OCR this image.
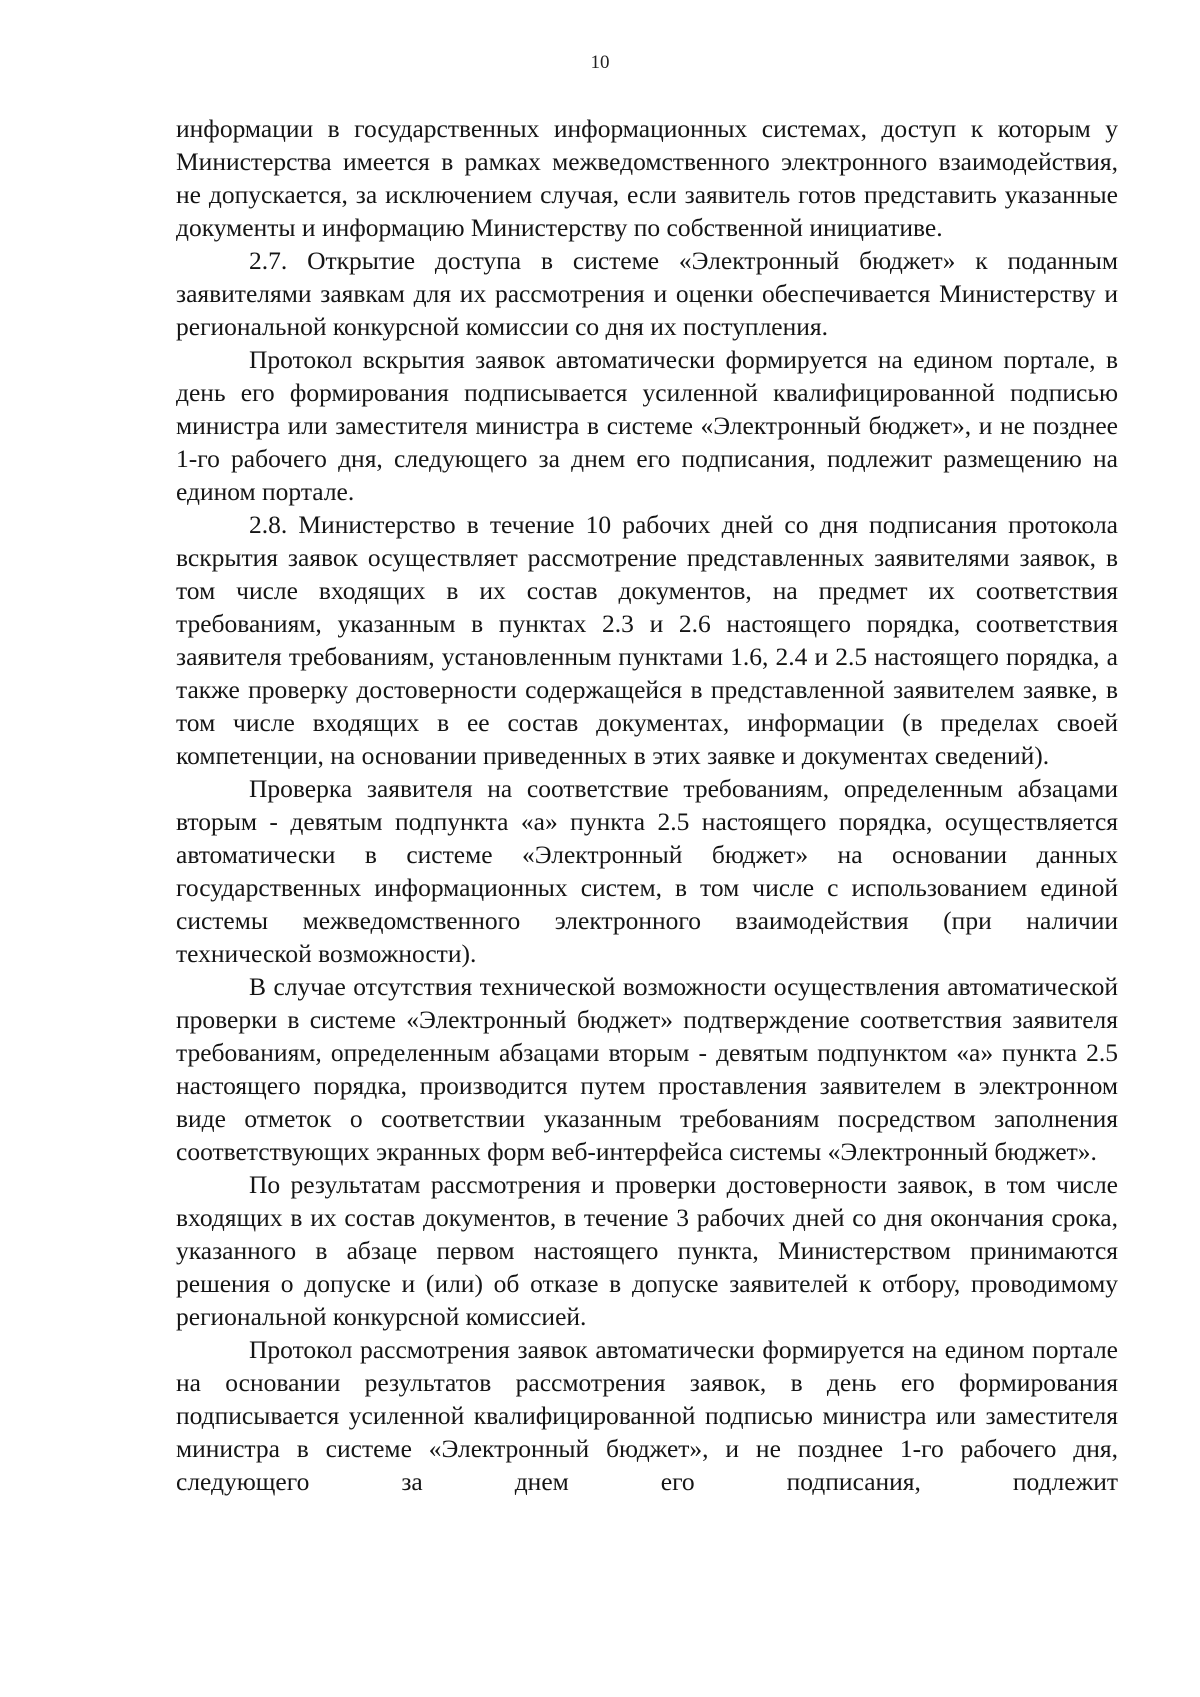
10

информации в государственных информационных системах, доступ к которым у Министерства имеется в рамках межведомственного электронного взаимодействия, не допускается, за исключением случая, если заявитель готов представить указанные документы и информацию Министерству по собственной инициативе.

2.7. Открытие доступа в системе «Электронный бюджет» к поданным заявителями заявкам для их рассмотрения и оценки обеспечивается Министерству и региональной конкурсной комиссии со дня их поступления.

Протокол вскрытия заявок автоматически формируется на едином портале, в день его формирования подписывается усиленной квалифицированной подписью министра или заместителя министра в системе «Электронный бюджет», и не позднее 1-го рабочего дня, следующего за днем его подписания, подлежит размещению на едином портале.

2.8. Министерство в течение 10 рабочих дней со дня подписания протокола вскрытия заявок осуществляет рассмотрение представленных заявителями заявок, в том числе входящих в их состав документов, на предмет их соответствия требованиям, указанным в пунктах 2.3 и 2.6 настоящего порядка, соответствия заявителя требованиям, установленным пунктами 1.6, 2.4 и 2.5 настоящего порядка, а также проверку достоверности содержащейся в представленной заявителем заявке, в том числе входящих в ее состав документах, информации (в пределах своей компетенции, на основании приведенных в этих заявке и документах сведений).

Проверка заявителя на соответствие требованиям, определенным абзацами вторым - девятым подпункта «а» пункта 2.5 настоящего порядка, осуществляется автоматически в системе «Электронный бюджет» на основании данных государственных информационных систем, в том числе с использованием единой системы межведомственного электронного взаимодействия (при наличии технической возможности).

В случае отсутствия технической возможности осуществления автоматической проверки в системе «Электронный бюджет» подтверждение соответствия заявителя требованиям, определенным абзацами вторым - девятым подпунктом «а» пункта 2.5 настоящего порядка, производится путем проставления заявителем в электронном виде отметок о соответствии указанным требованиям посредством заполнения соответствующих экранных форм веб-интерфейса системы «Электронный бюджет».

По результатам рассмотрения и проверки достоверности заявок, в том числе входящих в их состав документов, в течение 3 рабочих дней со дня окончания срока, указанного в абзаце первом настоящего пункта, Министерством принимаются решения о допуске и (или) об отказе в допуске заявителей к отбору, проводимому региональной конкурсной комиссией.

Протокол рассмотрения заявок автоматически формируется на едином портале на основании результатов рассмотрения заявок, в день его формирования подписывается усиленной квалифицированной подписью министра или заместителя министра в системе «Электронный бюджет», и не позднее 1-го рабочего дня, следующего за днем его подписания, подлежит
